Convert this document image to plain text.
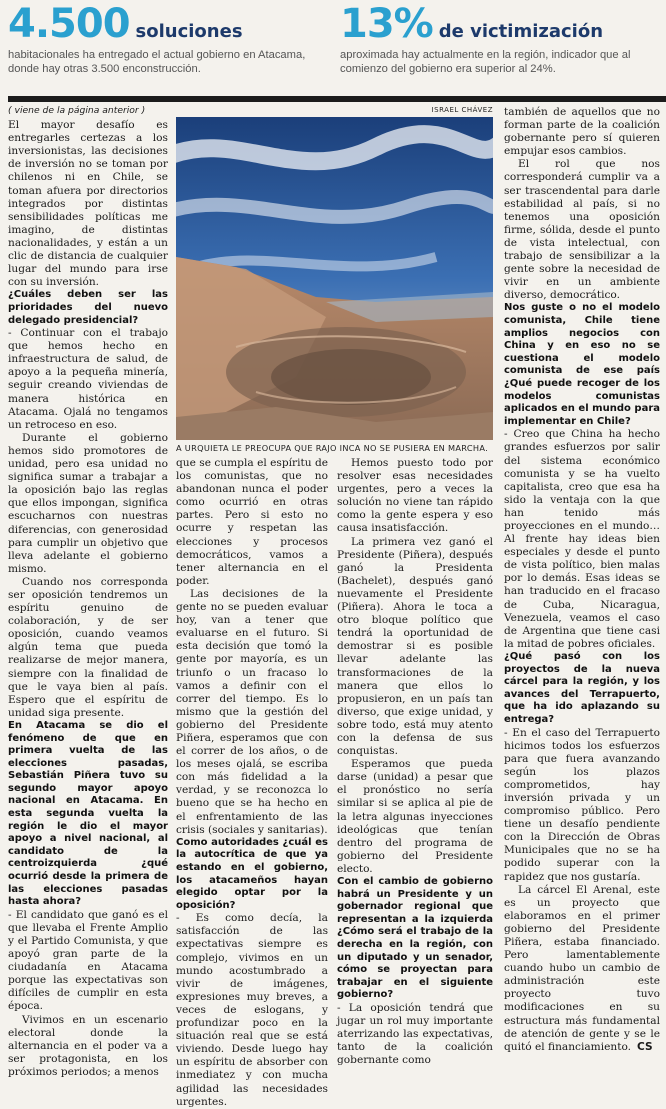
4.500 soluciones
habitacionales ha entregado el actual gobierno en Atacama, donde hay otras 3.500 enconstrucción.
13% de victimización
aproximada hay actualmente en la región, indicador que al comienzo del gobierno era superior al 24%.
ISRAEL CHÁVEZ
A URQUIETA LE PREOCUPA QUE RAJO INCA NO SE PUSIERA EN MARCHA.
( viene de la página anterior )

El mayor desafío es entregarles certezas a los inversionistas, las decisiones de inversión no se toman por chilenos ni en Chile, se toman afuera por directorios integrados por distintas sensibilidades políticas me imagino, de distintas nacionalidades, y están a un clic de distancia de cualquier lugar del mundo para irse con su inversión.

¿Cuáles deben ser las prioridades del nuevo delegado presidencial?

- Continuar con el trabajo que hemos hecho en infraestructura de salud, de apoyo a la pequeña minería, seguir creando viviendas de manera histórica en Atacama. Ojalá no tengamos un retroceso en eso.

Durante el gobierno hemos sido promotores de unidad, pero esa unidad no significa sumar a trabajar a la oposición bajo las reglas que ellos impongan, significa escucharnos con nuestras diferencias, con generosidad para cumplir un objetivo que lleva adelante el gobierno mismo.

Cuando nos corresponda ser oposición tendremos un espíritu genuino de colaboración, y de ser oposición, cuando veamos algún tema que pueda realizarse de mejor manera, siempre con la finalidad de que le vaya bien al país. Espero que el espíritu de unidad siga presente.

En Atacama se dio el fenómeno de que en primera vuelta de las elecciones pasadas, Sebastián Piñera tuvo su segundo mayor apoyo nacional en Atacama. En esta segunda vuelta la región le dio el mayor apoyo a nivel nacional, al candidato de la centroizquierda ¿qué ocurrió desde la primera de las elecciones pasadas hasta ahora?

- El candidato que ganó es el que llevaba el Frente Amplio y el Partido Comunista, y que apoyó gran parte de la ciudadanía en Atacama porque las expectativas son difíciles de cumplir en esta época.

Vivimos en un escenario electoral donde la alternancia en el poder va a ser protagonista, en los próximos periodos; a menos

que se cumpla el espíritu de los comunistas, que no abandonan nunca el poder como ocurrió en otras partes. Pero si esto no ocurre y respetan las elecciones y procesos democráticos, vamos a tener alternancia en el poder.

Las decisiones de la gente no se pueden evaluar hoy, van a tener que evaluarse en el futuro. Si esta decisión que tomó la gente por mayoría, es un triunfo o un fracaso lo vamos a definir con el correr del tiempo. Es lo mismo que la gestión del gobierno del Presidente Piñera, esperamos que con el correr de los años, o de los meses ojalá, se escriba con más fidelidad a la verdad, y se reconozca lo bueno que se ha hecho en el enfrentamiento de las crisis (sociales y sanitarias).

Como autoridades ¿cuál es la autocrítica de que ya estando en el gobierno, los atacameños hayan elegido optar por la oposición?

- Es como decía, la satisfacción de las expectativas siempre es complejo, vivimos en un mundo acostumbrado a vivir de imágenes, expresiones muy breves, a veces de eslogans, y profundizar poco en la situación real que se está viviendo. Desde luego hay un espíritu de absorber con inmediatez y con mucha agilidad las necesidades urgentes.

Hemos puesto todo por resolver esas necesidades urgentes, pero a veces la solución no viene tan rápido como la gente espera y eso causa insatisfacción.

La primera vez ganó el Presidente (Piñera), después ganó la Presidenta (Bachelet), después ganó nuevamente el Presidente (Piñera). Ahora le toca a otro bloque político que tendrá la oportunidad de demostrar si es posible llevar adelante las transformaciones de la manera que ellos lo propusieron, en un país tan diverso, que exige unidad, y sobre todo, está muy atento con la defensa de sus conquistas.

Esperamos que pueda darse (unidad) a pesar que el pronóstico no sería similar si se aplica al pie de la letra algunas inyecciones ideológicas que tenían dentro del programa de gobierno del Presidente electo.

Con el cambio de gobierno habrá un Presidente y un gobernador regional que representan a la izquierda ¿Cómo será el trabajo de la derecha en la región, con un diputado y un senador, cómo se proyectan para trabajar en el siguiente gobierno?

- La oposición tendrá que jugar un rol muy importante aterrizando las expectativas, tanto de la coalición gobernante como

también de aquellos que no forman parte de la coalición gobernante pero sí quieren empujar esos cambios.

El rol que nos corresponderá cumplir va a ser trascendental para darle estabilidad al país, si no tenemos una oposición firme, sólida, desde el punto de vista intelectual, con trabajo de sensibilizar a la gente sobre la necesidad de vivir en un ambiente diverso, democrático.

Nos guste o no el modelo comunista, Chile tiene amplios negocios con China y en eso no se cuestiona el modelo comunista de ese país ¿Qué puede recoger de los modelos comunistas aplicados en el mundo para implementar en Chile?

- Creo que China ha hecho grandes esfuerzos por salir del sistema económico comunista y se ha vuelto capitalista, creo que esa ha sido la ventaja con la que han tenido más proyecciones en el mundo… Al frente hay ideas bien especiales y desde el punto de vista político, bien malas por lo demás. Esas ideas se han traducido en el fracaso de Cuba, Nicaragua, Venezuela, veamos el caso de Argentina que tiene casi la mitad de pobres oficiales.

¿Qué pasó con los proyectos de la nueva cárcel para la región, y los avances del Terrapuerto, que ha ido aplazando su entrega?

- En el caso del Terrapuerto hicimos todos los esfuerzos para que fuera avanzando según los plazos comprometidos, hay inversión privada y un compromiso público. Pero tiene un desafío pendiente con la Dirección de Obras Municipales que no se ha podido superar con la rapidez que nos gustaría.

La cárcel El Arenal, este es un proyecto que elaboramos en el primer gobierno del Presidente Piñera, estaba financiado. Pero lamentablemente cuando hubo un cambio de administración este proyecto tuvo modificaciones en su estructura más fundamental de atención de gente y se le quitó el financiamiento. CS
